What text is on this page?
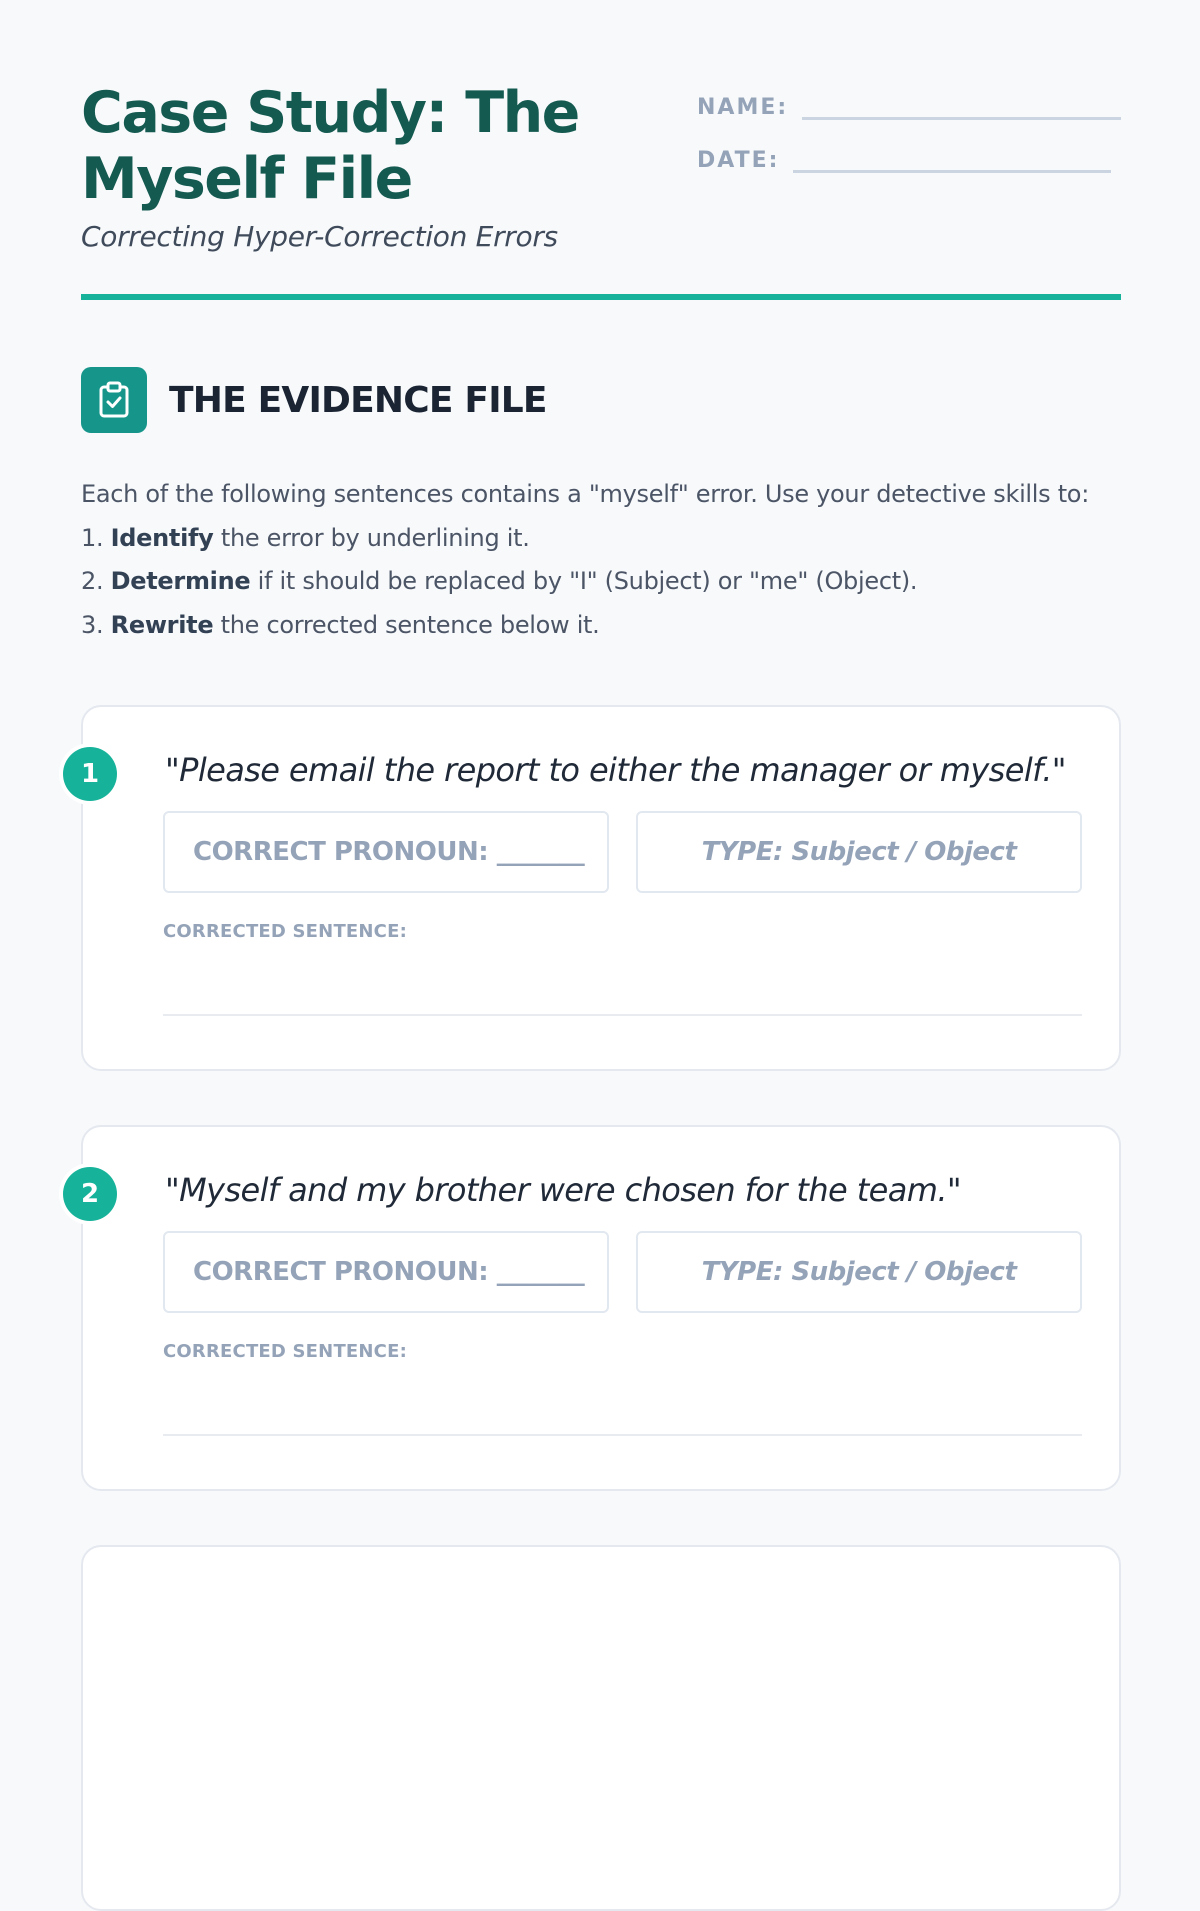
Case Study: The Myself File
Correcting Hyper-Correction Errors
NAME:
DATE:
THE EVIDENCE FILE

Each of the following sentences contains a "myself" error. Use your detective skills to:

1. Identify the error by underlining it.

2. Determine if it should be replaced by "I" (Subject) or "me" (Object).

3. Rewrite the corrected sentence below it.

1	"Please email the report to either the manager or myself."
CORRECT PRONOUN: _______	TYPE: Subject / Object
CORRECTED SENTENCE:
2	"Myself and my brother were chosen for the team."
CORRECT PRONOUN: _______	TYPE: Subject / Object
CORRECTED SENTENCE:
